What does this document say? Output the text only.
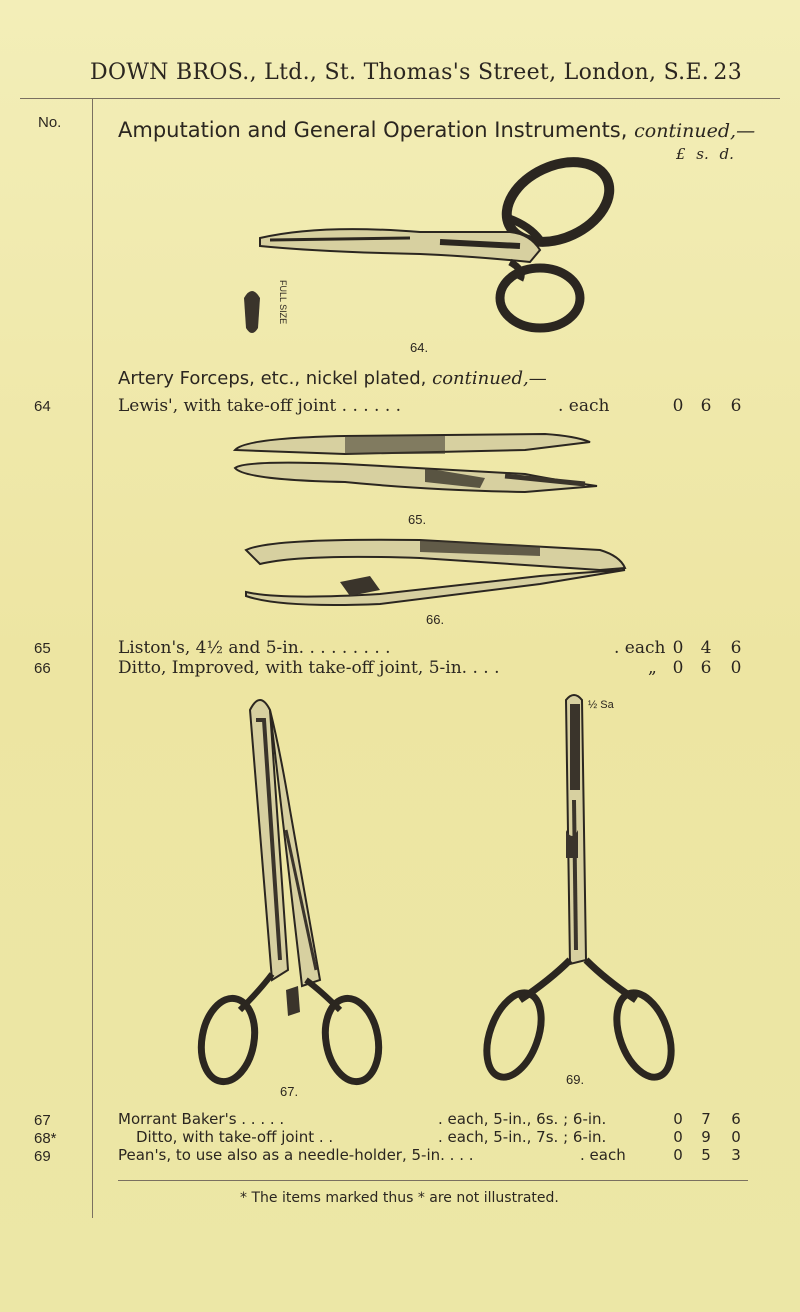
DOWN BROS., Ltd., St. Thomas's Street, London, S.E. 23
No.	Amputation and General Operation Instruments, continued,—
£ s. d.
FULL SIZE
64.
Artery Forceps, etc., nickel plated, continued,—
64	Lewis', with take-off joint . . . . . .	. each	0 6 6
65.
66.
65	Liston's, 4½ and 5-in. . . . . . . . .	. each 0 4 6
66	Ditto, Improved, with take-off joint, 5-in. . . .	„ 0 6 0
67.
½ Sa
69.
67	Morrant Baker's . . . . .	. each, 5-in., 6s. ; 6-in.	0 7 6
68*	Ditto, with take-off joint . .	. each, 5-in., 7s. ; 6-in.	0 9 0
69	Pean's, to use also as a needle-holder, 5-in. . . .	. each	0 5 3
* The items marked thus * are not illustrated.
